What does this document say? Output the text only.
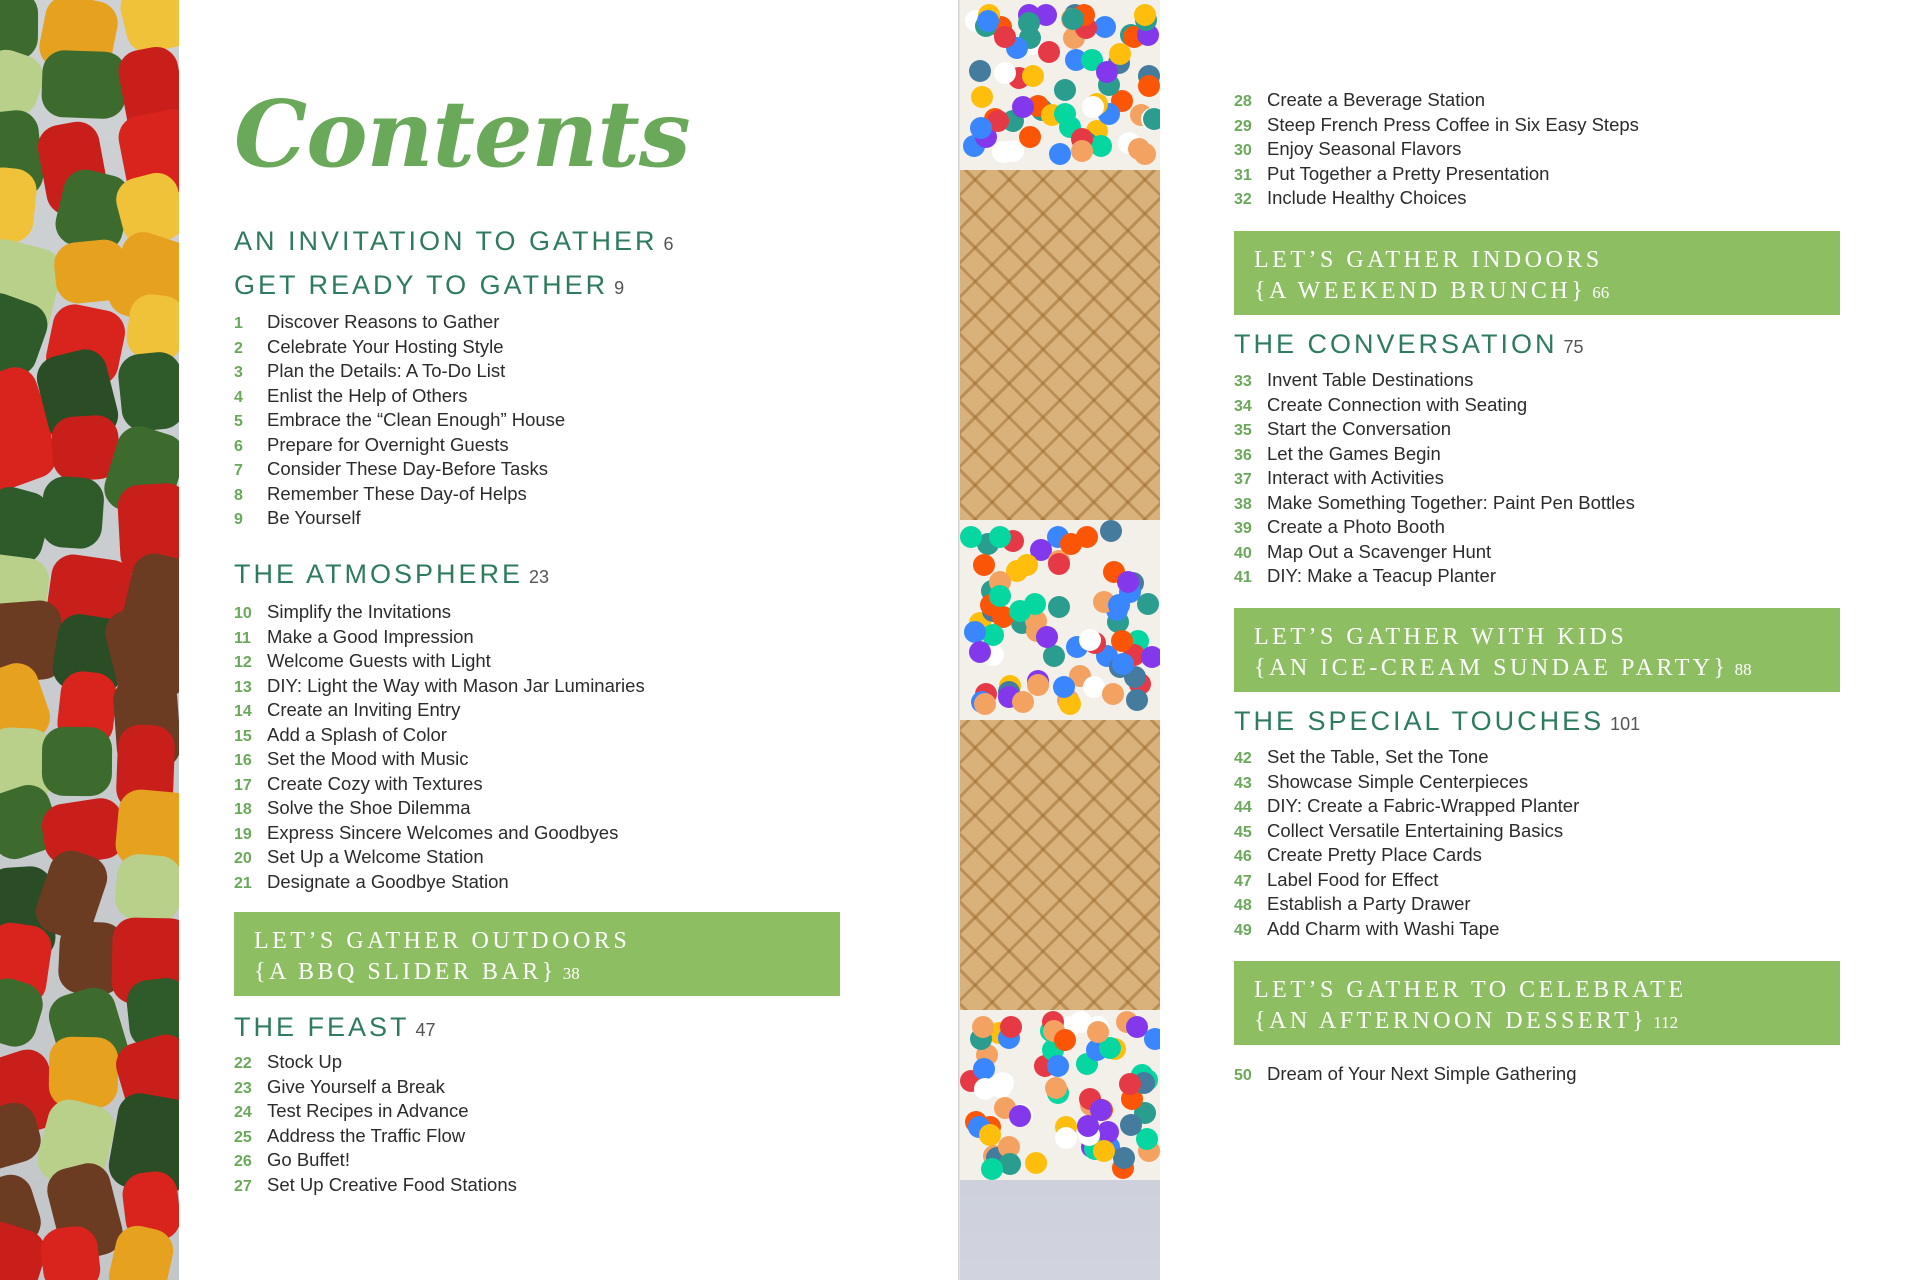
Contents
AN INVITATION TO GATHER 6
GET READY TO GATHER 9
1 Discover Reasons to Gather
2 Celebrate Your Hosting Style
3 Plan the Details: A To-Do List
4 Enlist the Help of Others
5 Embrace the “Clean Enough” House
6 Prepare for Overnight Guests
7 Consider These Day-Before Tasks
8 Remember These Day-of Helps
9 Be Yourself
THE ATMOSPHERE 23
10 Simplify the Invitations
11 Make a Good Impression
12 Welcome Guests with Light
13 DIY: Light the Way with Mason Jar Luminaries
14 Create an Inviting Entry
15 Add a Splash of Color
16 Set the Mood with Music
17 Create Cozy with Textures
18 Solve the Shoe Dilemma
19 Express Sincere Welcomes and Goodbyes
20 Set Up a Welcome Station
21 Designate a Goodbye Station
LET’S GATHER OUTDOORS
{A BBQ SLIDER BAR} 38
THE FEAST 47
22 Stock Up
23 Give Yourself a Break
24 Test Recipes in Advance
25 Address the Traffic Flow
26 Go Buffet!
27 Set Up Creative Food Stations
28 Create a Beverage Station
29 Steep French Press Coffee in Six Easy Steps
30 Enjoy Seasonal Flavors
31 Put Together a Pretty Presentation
32 Include Healthy Choices
LET’S GATHER INDOORS
{A WEEKEND BRUNCH} 66
THE CONVERSATION 75
33 Invent Table Destinations
34 Create Connection with Seating
35 Start the Conversation
36 Let the Games Begin
37 Interact with Activities
38 Make Something Together: Paint Pen Bottles
39 Create a Photo Booth
40 Map Out a Scavenger Hunt
41 DIY: Make a Teacup Planter
LET’S GATHER WITH KIDS
{AN ICE-CREAM SUNDAE PARTY} 88
THE SPECIAL TOUCHES 101
42 Set the Table, Set the Tone
43 Showcase Simple Centerpieces
44 DIY: Create a Fabric-Wrapped Planter
45 Collect Versatile Entertaining Basics
46 Create Pretty Place Cards
47 Label Food for Effect
48 Establish a Party Drawer
49 Add Charm with Washi Tape
LET’S GATHER TO CELEBRATE
{AN AFTERNOON DESSERT} 112
50 Dream of Your Next Simple Gathering
